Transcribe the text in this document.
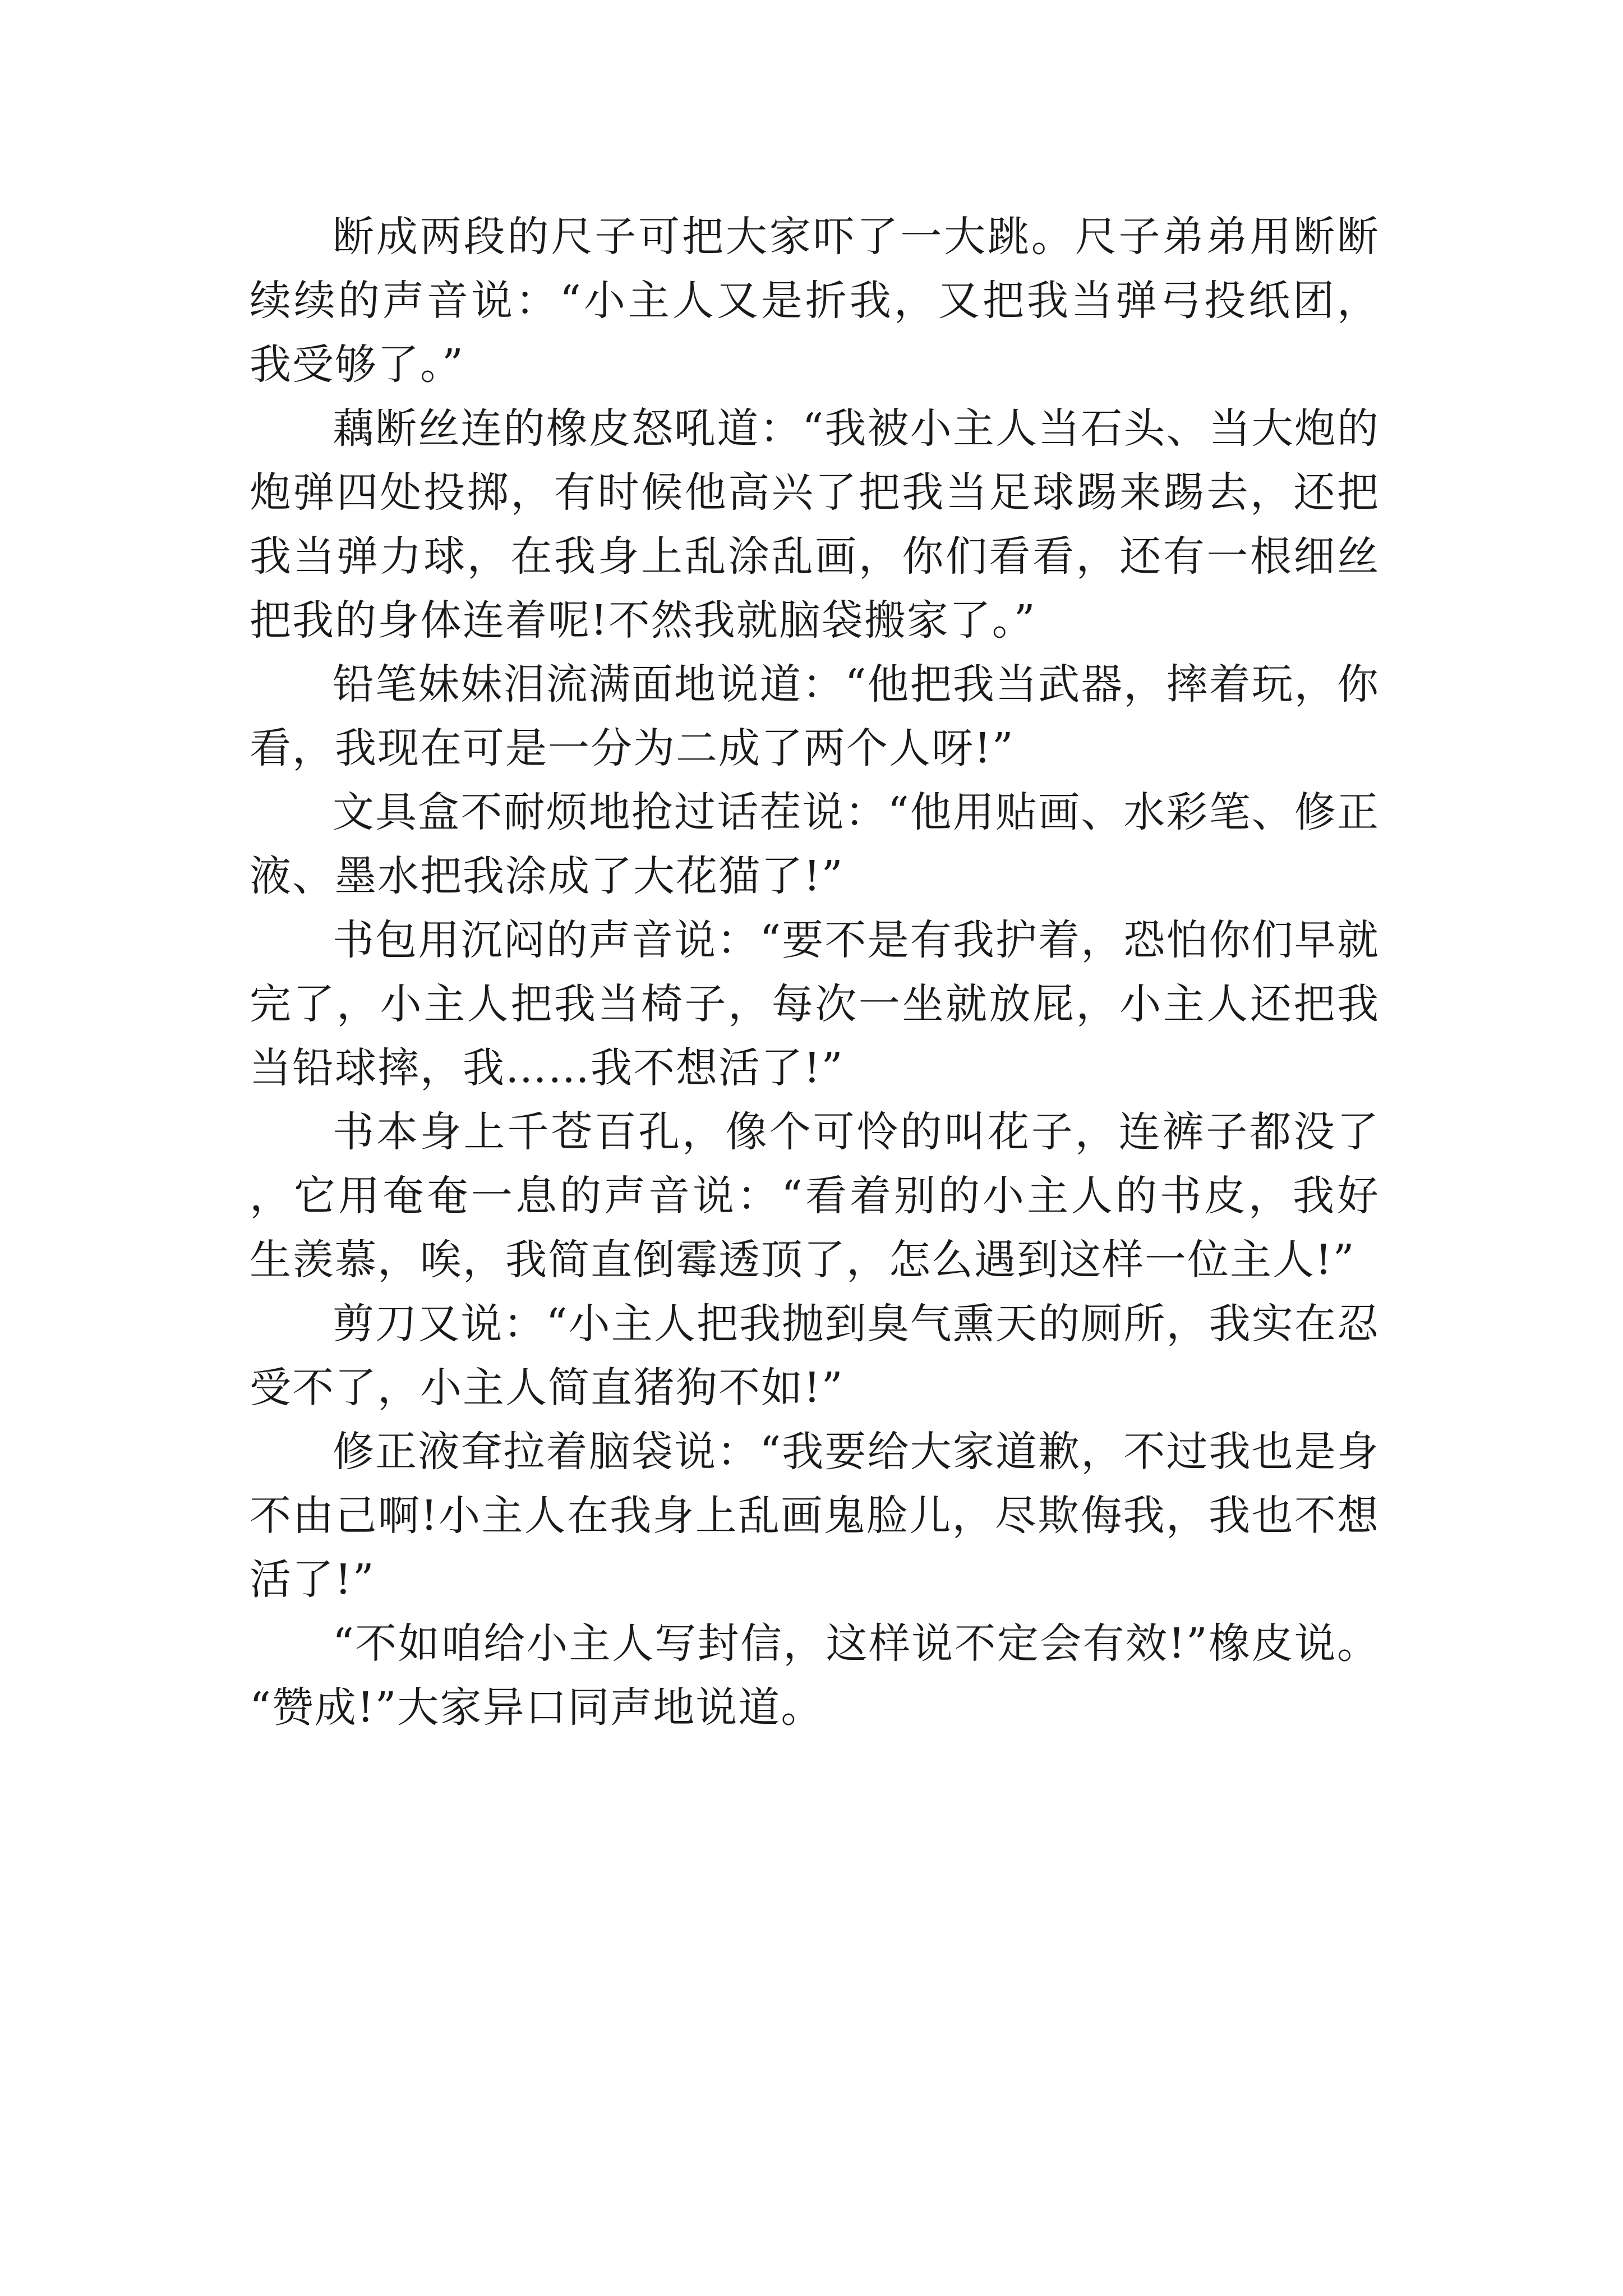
断成两段的尺子可把大家吓了一大跳。尺子弟弟用断断续续的声音说：“小主人又是折我，又把我当弹弓投纸团，我受够了。”

藕断丝连的橡皮怒吼道：“我被小主人当石头、当大炮的炮弹四处投掷，有时候他高兴了把我当足球踢来踢去，还把我当弹力球，在我身上乱涂乱画，你们看看，还有一根细丝把我的身体连着呢!不然我就脑袋搬家了。”

铅笔妹妹泪流满面地说道：“他把我当武器，摔着玩，你看，我现在可是一分为二成了两个人呀!”

文具盒不耐烦地抢过话茬说：“他用贴画、水彩笔、修正液、墨水把我涂成了大花猫了!”

书包用沉闷的声音说：“要不是有我护着，恐怕你们早就完了，小主人把我当椅子，每次一坐就放屁，小主人还把我当铅球摔，我……我不想活了!”

书本身上千苍百孔，像个可怜的叫花子，连裤子都没了，它用奄奄一息的声音说：“看着别的小主人的书皮，我好生羡慕，唉，我简直倒霉透顶了，怎么遇到这样一位主人!”

剪刀又说：“小主人把我抛到臭气熏天的厕所，我实在忍受不了，小主人简直猪狗不如!”

修正液耷拉着脑袋说：“我要给大家道歉，不过我也是身不由己啊!小主人在我身上乱画鬼脸儿，尽欺侮我，我也不想活了!”

“不如咱给小主人写封信，这样说不定会有效!”橡皮说。“赞成!”大家异口同声地说道。
